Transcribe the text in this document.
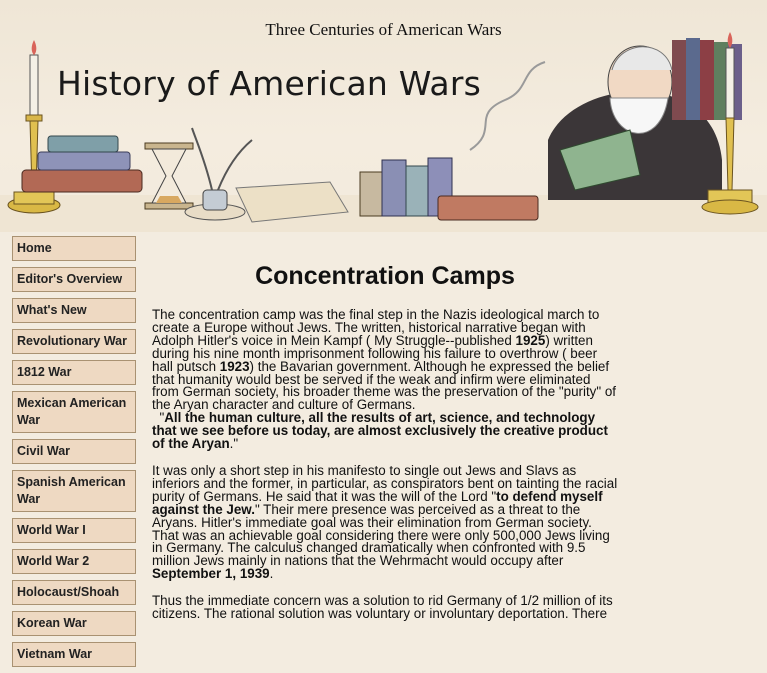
Three Centuries of American Wars
History of American Wars
Home
Editor's Overview
What's New
Revolutionary War
1812 War
Mexican American War
Civil War
Spanish American War
World War I
World War 2
Holocaust/Shoah
Korean War
Vietnam War
Concentration Camps

The concentration camp was the final step in the Nazis ideological march to create a Europe without Jews. The written, historical narrative began with Adolph Hitler's voice in Mein Kampf ( My Struggle--published 1925) written during his nine month imprisonment following his failure to overthrow ( beer hall putsch 1923) the Bavarian government. Although he expressed the belief that humanity would best be served if the weak and infirm were eliminated from German society, his broader theme was the preservation of the "purity" of the Aryan character and culture of Germans.
"All the human culture, all the results of art, science, and technology that we see before us today, are almost exclusively the creative product of the Aryan."

It was only a short step in his manifesto to single out Jews and Slavs as inferiors and the former, in particular, as conspirators bent on tainting the racial purity of Germans. He said that it was the will of the Lord "to defend myself against the Jew." Their mere presence was perceived as a threat to the Aryans. Hitler's immediate goal was their elimination from German society. That was an achievable goal considering there were only 500,000 Jews living in Germany. The calculus changed dramatically when confronted with 9.5 million Jews mainly in nations that the Wehrmacht would occupy after September 1, 1939.

Thus the immediate concern was a solution to rid Germany of 1/2 million of its citizens. The rational solution was voluntary or involuntary deportation. There
